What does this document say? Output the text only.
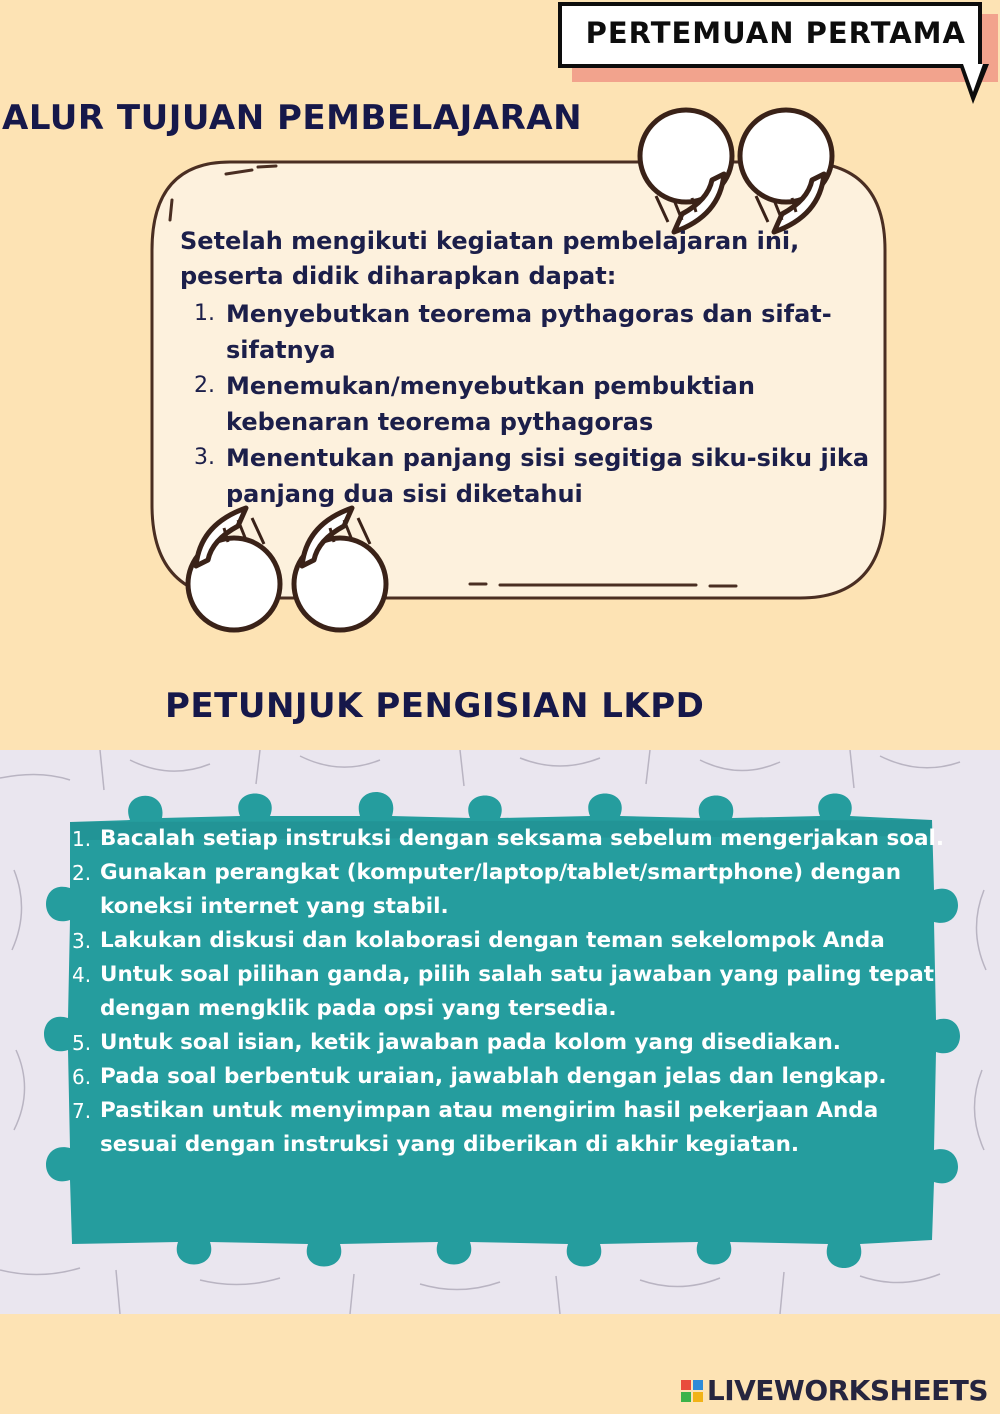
PERTEMUAN PERTAMA
ALUR TUJUAN PEMBELAJARAN

Setelah mengikuti kegiatan pembelajaran ini, peserta didik diharapkan dapat:

1. Menyebutkan teorema pythagoras dan sifat-sifatnya
2. Menemukan/menyebutkan pembuktian kebenaran teorema pythagoras
3. Menentukan panjang sisi segitiga siku-siku jika panjang dua sisi diketahui
PETUNJUK PENGISIAN LKPD
1. Bacalah setiap instruksi dengan seksama sebelum mengerjakan soal.
2. Gunakan perangkat (komputer/laptop/tablet/smartphone) dengan koneksi internet yang stabil.
3. Lakukan diskusi dan kolaborasi dengan teman sekelompok Anda
4. Untuk soal pilihan ganda, pilih salah satu jawaban yang paling tepat dengan mengklik pada opsi yang tersedia.
5. Untuk soal isian, ketik jawaban pada kolom yang disediakan.
6. Pada soal berbentuk uraian, jawablah dengan jelas dan lengkap.
7. Pastikan untuk menyimpan atau mengirim hasil pekerjaan Anda sesuai dengan instruksi yang diberikan di akhir kegiatan.
LIVEWORKSHEETS
